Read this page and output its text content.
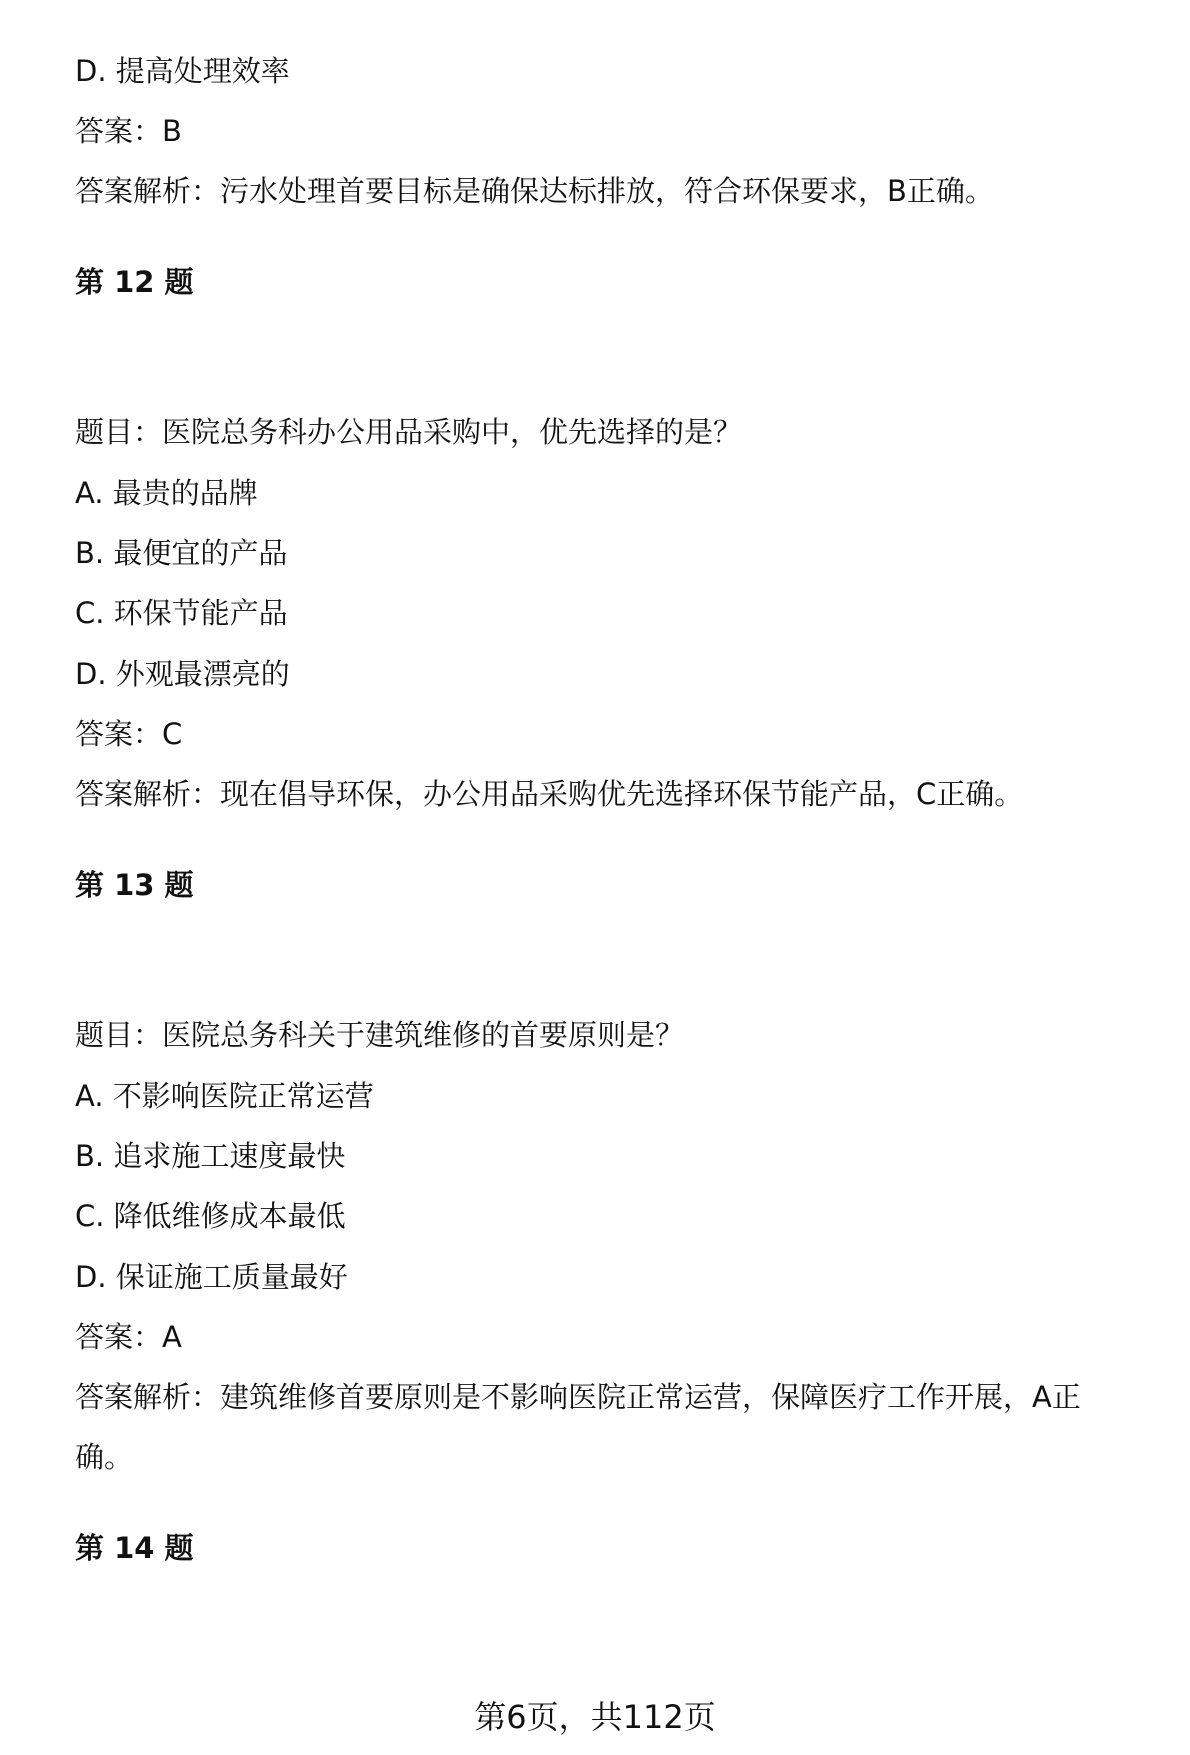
D. 提高处理效率

答案：B

答案解析：污水处理首要目标是确保达标排放，符合环保要求，B正确。

第 12 题

题目：医院总务科办公用品采购中，优先选择的是？

A. 最贵的品牌

B. 最便宜的产品

C. 环保节能产品

D. 外观最漂亮的

答案：C

答案解析：现在倡导环保，办公用品采购优先选择环保节能产品，C正确。

第 13 题

题目：医院总务科关于建筑维修的首要原则是？

A. 不影响医院正常运营

B. 追求施工速度最快

C. 降低维修成本最低

D. 保证施工质量最好

答案：A

答案解析：建筑维修首要原则是不影响医院正常运营，保障医疗工作开展，A正确。

第 14 题

第6页，共112页
